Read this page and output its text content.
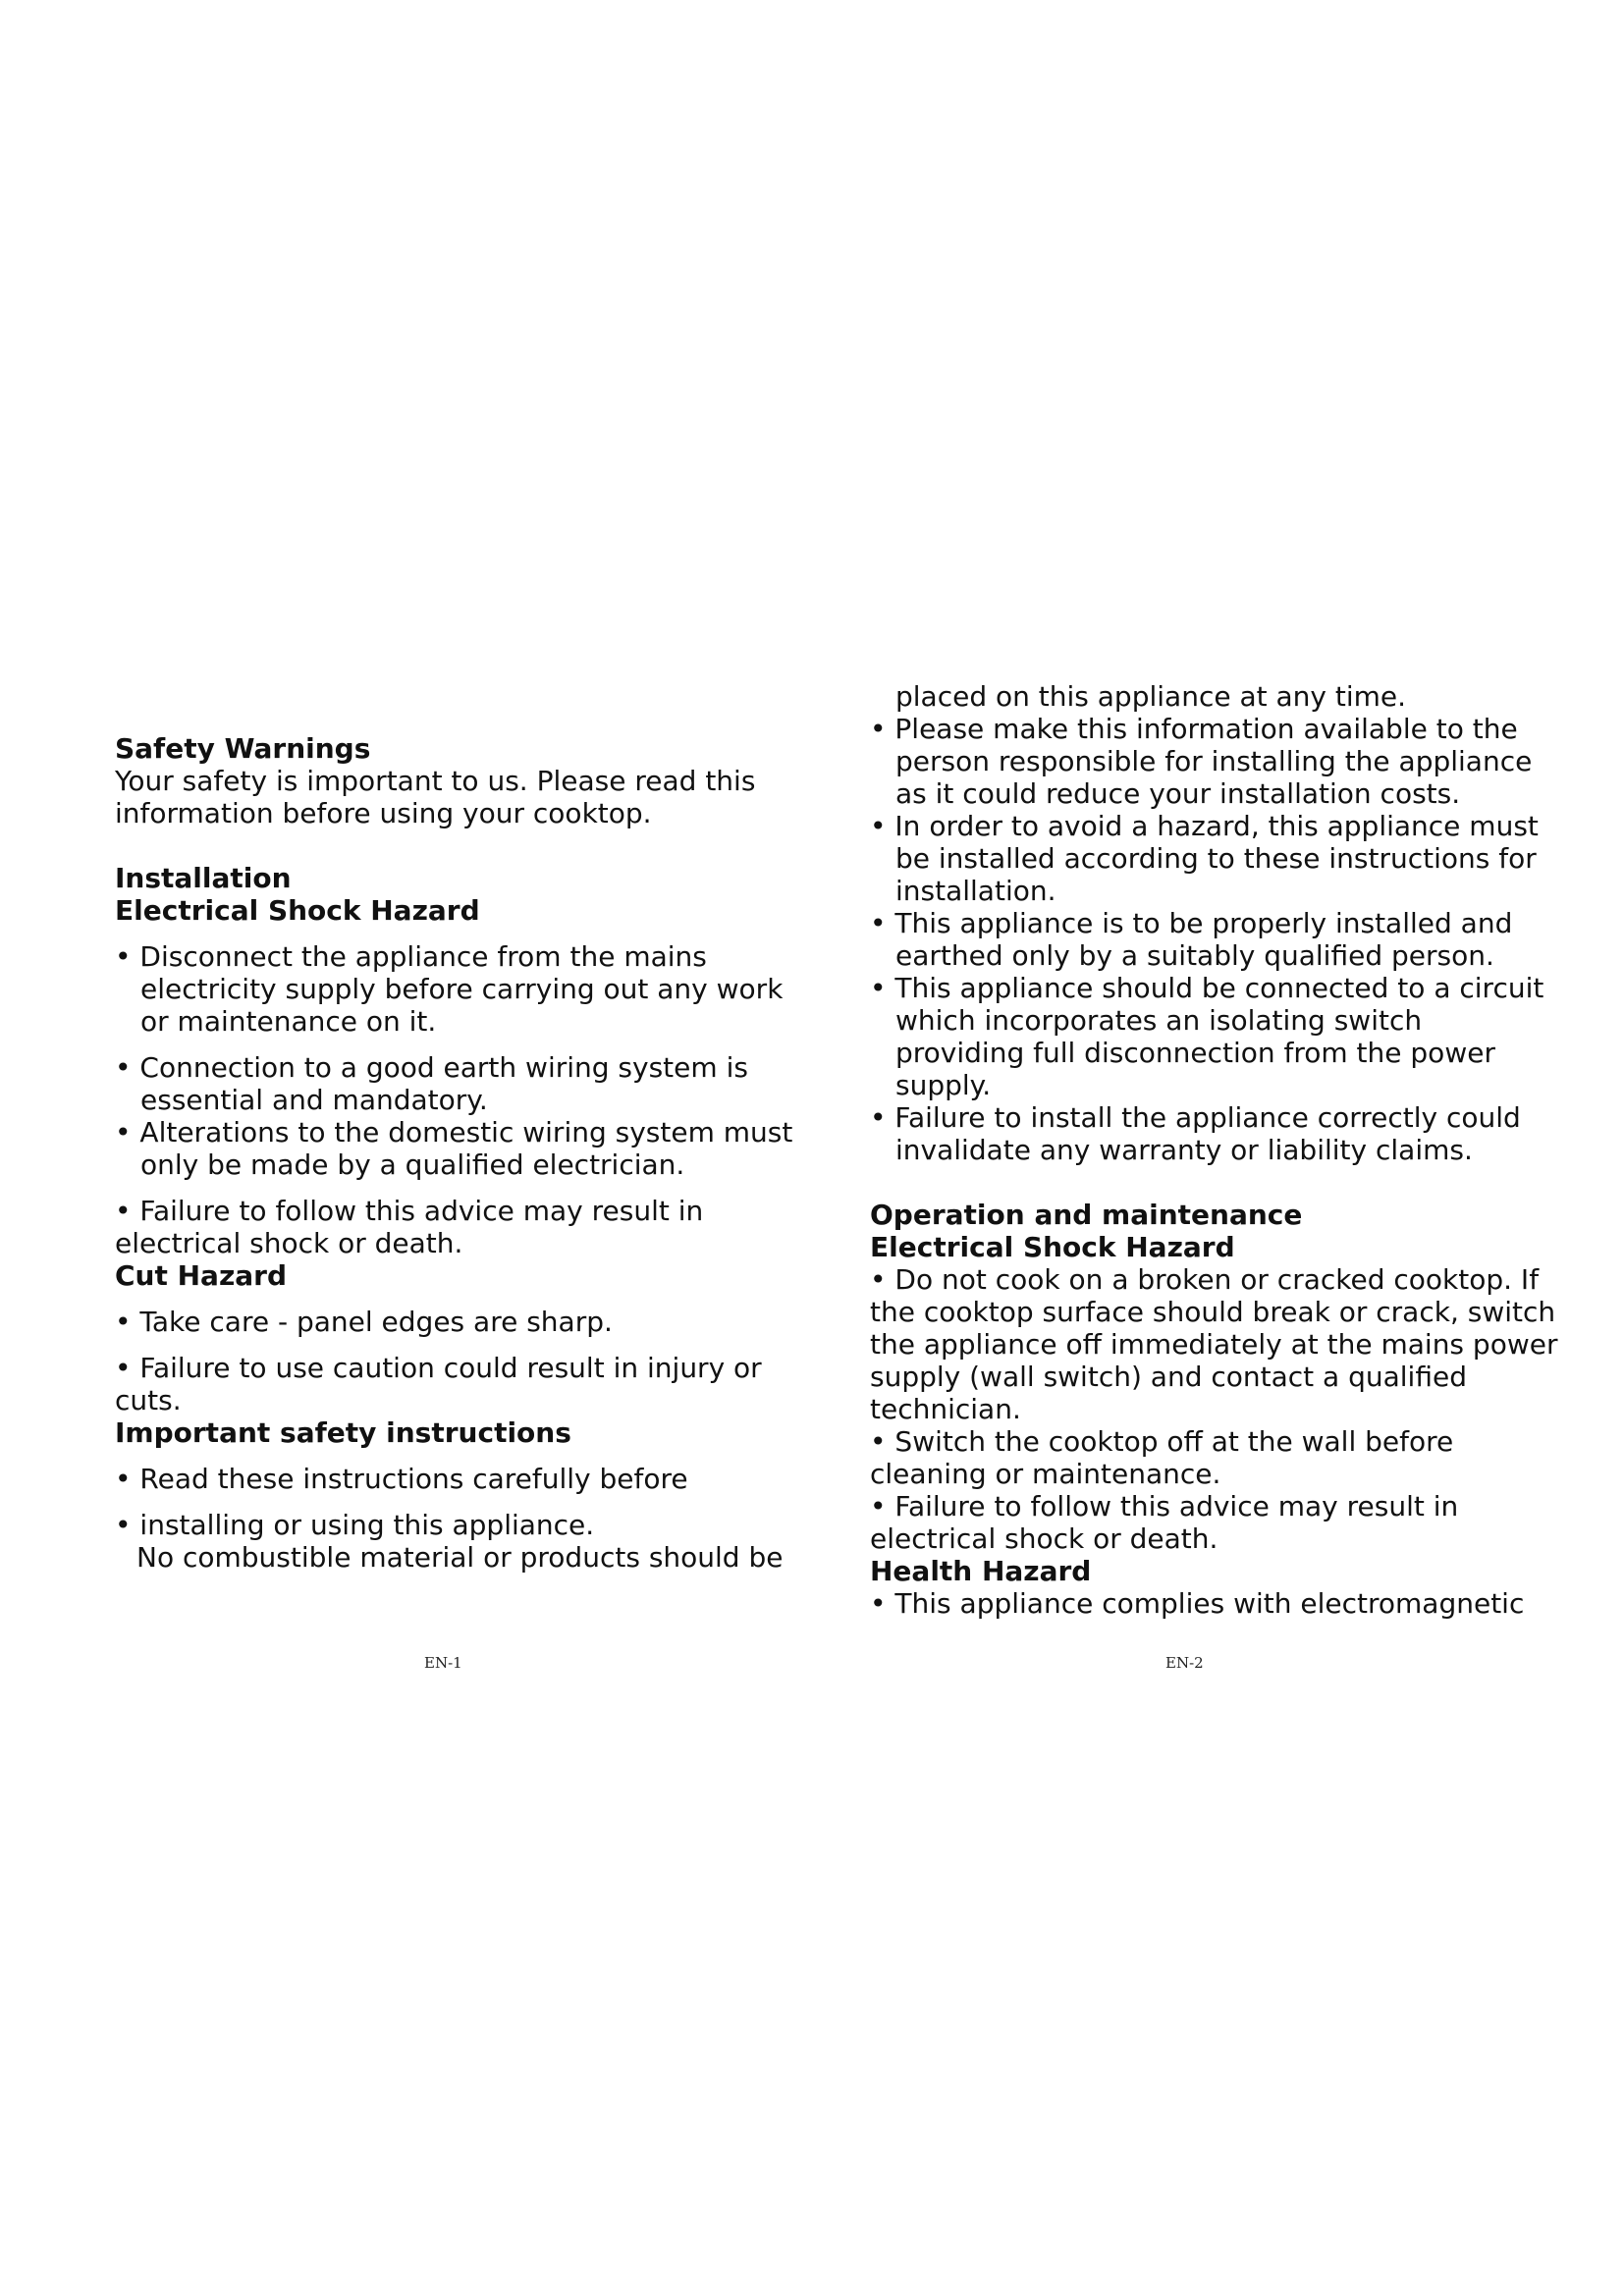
Safety Warnings
Your safety is important to us. Please read this
information before using your cooktop.
Installation
Electrical Shock Hazard
• Disconnect the appliance from the mains
electricity supply before carrying out any work
or maintenance on it.
• Connection to a good earth wiring system is
essential and mandatory.
• Alterations to the domestic wiring system must
only be made by a qualified electrician.
• Failure to follow this advice may result in
electrical shock or death.
Cut Hazard
• Take care - panel edges are sharp.
• Failure to use caution could result in injury or
cuts.
Important safety instructions
• Read these instructions carefully before
• installing or using this appliance.
No combustible material or products should be
placed on this appliance at any time.
• Please make this information available to the
person responsible for installing the appliance
as it could reduce your installation costs.
• In order to avoid a hazard, this appliance must
be installed according to these instructions for
installation.
• This appliance is to be properly installed and
earthed only by a suitably qualified person.
• This appliance should be connected to a circuit
which incorporates an isolating switch
providing full disconnection from the power
supply.
• Failure to install the appliance correctly could
invalidate any warranty or liability claims.
Operation and maintenance
Electrical Shock Hazard
• Do not cook on a broken or cracked cooktop. If
the cooktop surface should break or crack, switch
the appliance off immediately at the mains power
supply (wall switch) and contact a qualified
technician.
• Switch the cooktop off at the wall before
cleaning or maintenance.
• Failure to follow this advice may result in
electrical shock or death.
Health Hazard
• This appliance complies with electromagnetic
EN-1	EN-2
